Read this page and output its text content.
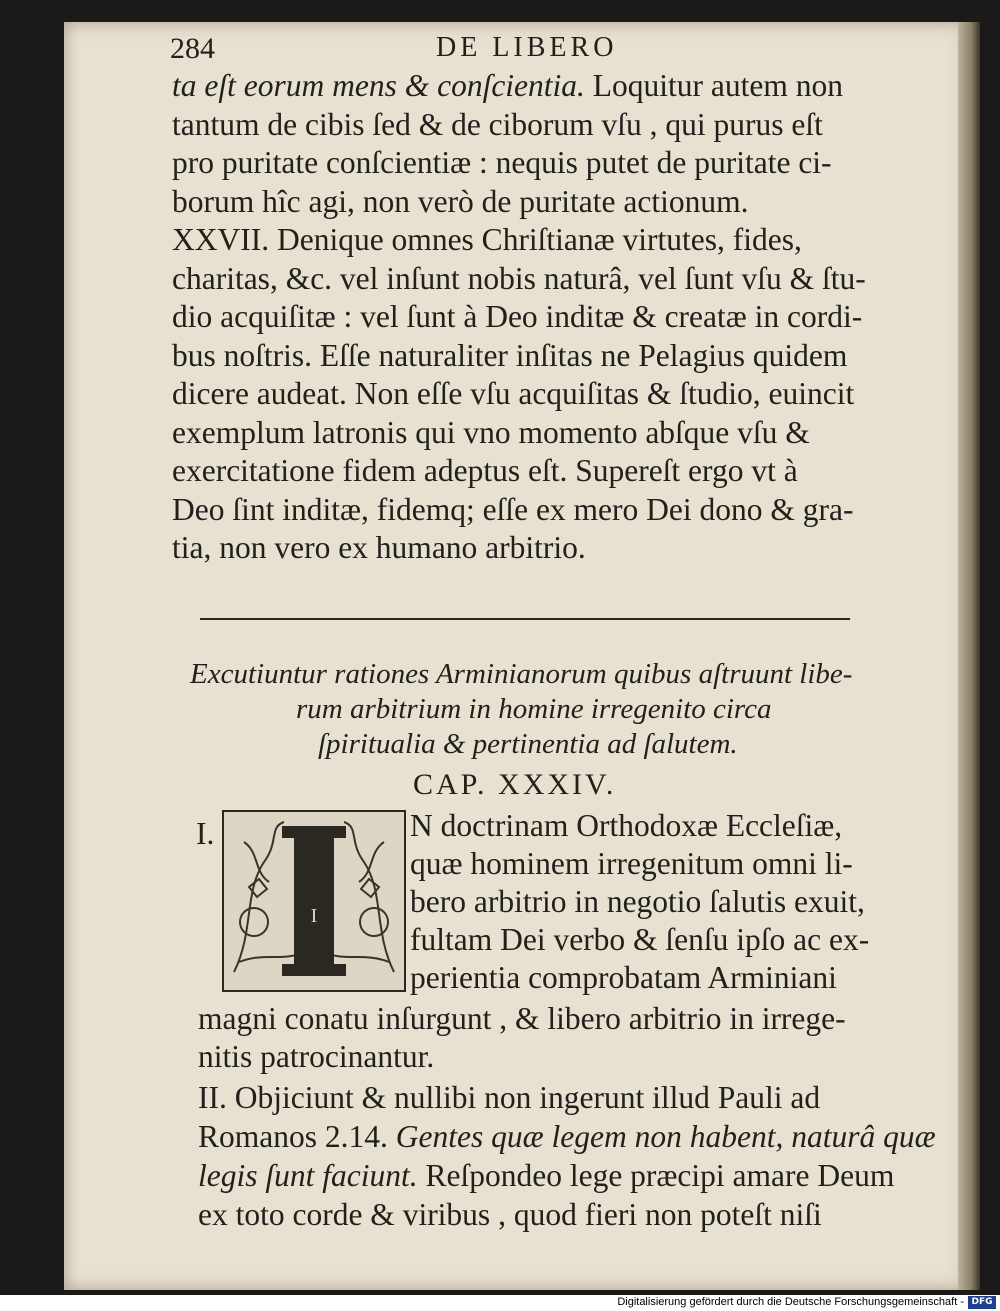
284	DE LIBERO
ta eſt eorum mens & conſcientia. Loquitur autem non
tantum de cibis ſed & de ciborum vſu , qui purus eſt
pro puritate conſcientiæ : nequis putet de puritate ci-
borum hîc agi, non verò de puritate actionum.
XXVII. Denique omnes Chriſtianæ virtutes, fides,
charitas, &c. vel inſunt nobis naturâ, vel ſunt vſu & ſtu-
dio acquiſitæ : vel ſunt à Deo inditæ & creatæ in cordi-
bus noſtris. Eſſe naturaliter inſitas ne Pelagius quidem
dicere audeat. Non eſſe vſu acquiſitas & ſtudio, euincit
exemplum latronis qui vno momento abſque vſu &
exercitatione fidem adeptus eſt. Supereſt ergo vt à
Deo ſint inditæ, fidemq; eſſe ex mero Dei dono & gra-
tia, non vero ex humano arbitrio.
Excutiuntur rationes Arminianorum quibus aſtruunt libe-
rum arbitrium in homine irregenito circa
ſpiritualia & pertinentia ad ſalutem.
CAP. XXXIV.
I.
I
N doctrinam Orthodoxæ Eccleſiæ,
quæ hominem irregenitum omni li-
bero arbitrio in negotio ſalutis exuit,
fultam Dei verbo & ſenſu ipſo ac ex-
perientia comprobatam Arminiani
magni conatu inſurgunt , & libero arbitrio in irrege-
nitis patrocinantur.
II. Objiciunt & nullibi non ingerunt illud Pauli ad
Romanos 2.14. Gentes quæ legem non habent, naturâ quæ
legis ſunt faciunt. Reſpondeo lege præcipi amare Deum
ex toto corde & viribus , quod fieri non poteſt niſi
Digitalisierung gefördert durch die Deutsche Forschungsgemeinschaft - DFG
